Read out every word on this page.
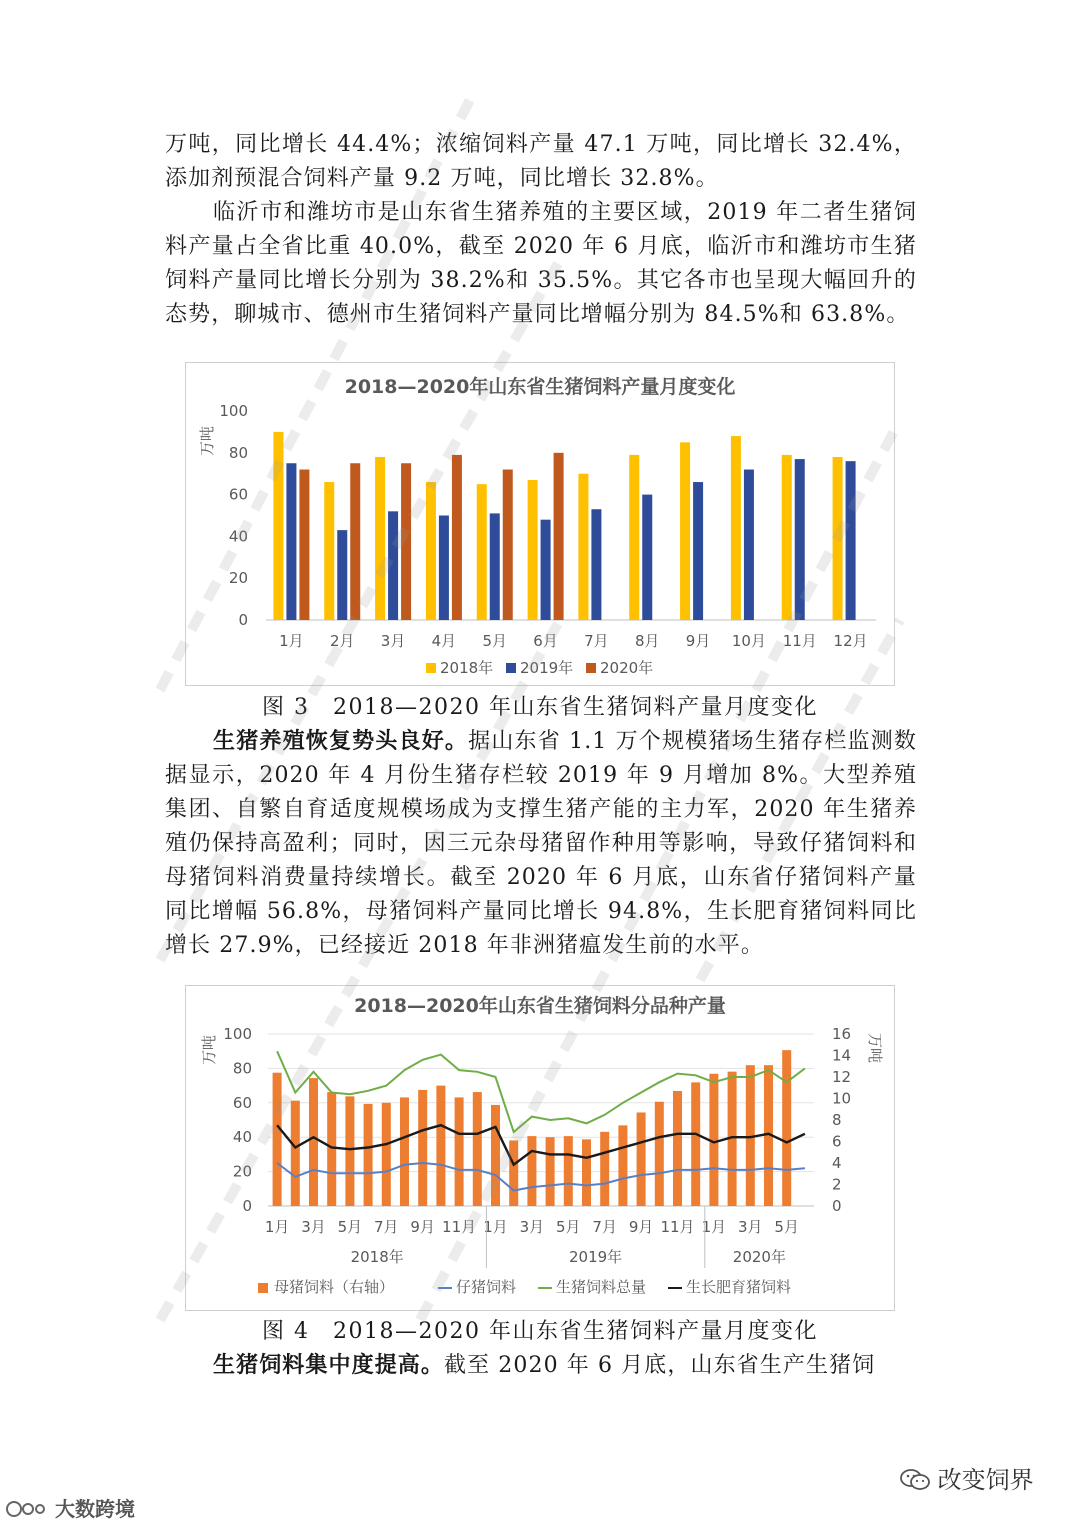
万吨，同比增长 44.4%；浓缩饲料产量 47.1 万吨，同比增长 32.4%，添加剂预混合饲料产量 9.2 万吨，同比增长 32.8%。

临沂市和潍坊市是山东省生猪养殖的主要区域，2019 年二者生猪饲料产量占全省比重 40.0%，截至 2020 年 6 月底，临沂市和潍坊市生猪饲料产量同比增长分别为 38.2%和 35.5%。其它各市也呈现大幅回升的态势，聊城市、德州市生猪饲料产量同比增幅分别为 84.5%和 63.8%。

2018—2020年山东省生猪饲料产量月度变化
万吨
0
20
40
60
80
100
1月 2月 3月 4月 5月 6月 7月 8月 9月 10月 11月 12月
2018年 2019年 2020年

图 3　2018—2020 年山东省生猪饲料产量月度变化

生猪养殖恢复势头良好。据山东省 1.1 万个规模猪场生猪存栏监测数据显示，2020 年 4 月份生猪存栏较 2019 年 9 月增加 8%。大型养殖集团、自繁自育适度规模场成为支撑生猪产能的主力军，2020 年生猪养殖仍保持高盈利；同时，因三元杂母猪留作种用等影响，导致仔猪饲料和母猪饲料消费量持续增长。截至 2020 年 6 月底，山东省仔猪饲料产量同比增幅 56.8%，母猪饲料产量同比增长 94.8%，生长肥育猪饲料同比增长 27.9%，已经接近 2018 年非洲猪瘟发生前的水平。

2018—2020年山东省生猪饲料分品种产量
万吨	万吨
0
20
40
60
80
100
0
2
4
6
8
10
12
14
16
1月 3月 5月 7月 9月 11月 1月 3月 5月 7月 9月 11月 1月 3月 5月
2018年	2019年	2020年
母猪饲料（右轴）	仔猪饲料	生猪饲料总量	生长肥育猪饲料

图 4　2018—2020 年山东省生猪饲料产量月度变化

生猪饲料集中度提高。截至 2020 年 6 月底，山东省生产生猪饲

改变饲界
大数跨境
